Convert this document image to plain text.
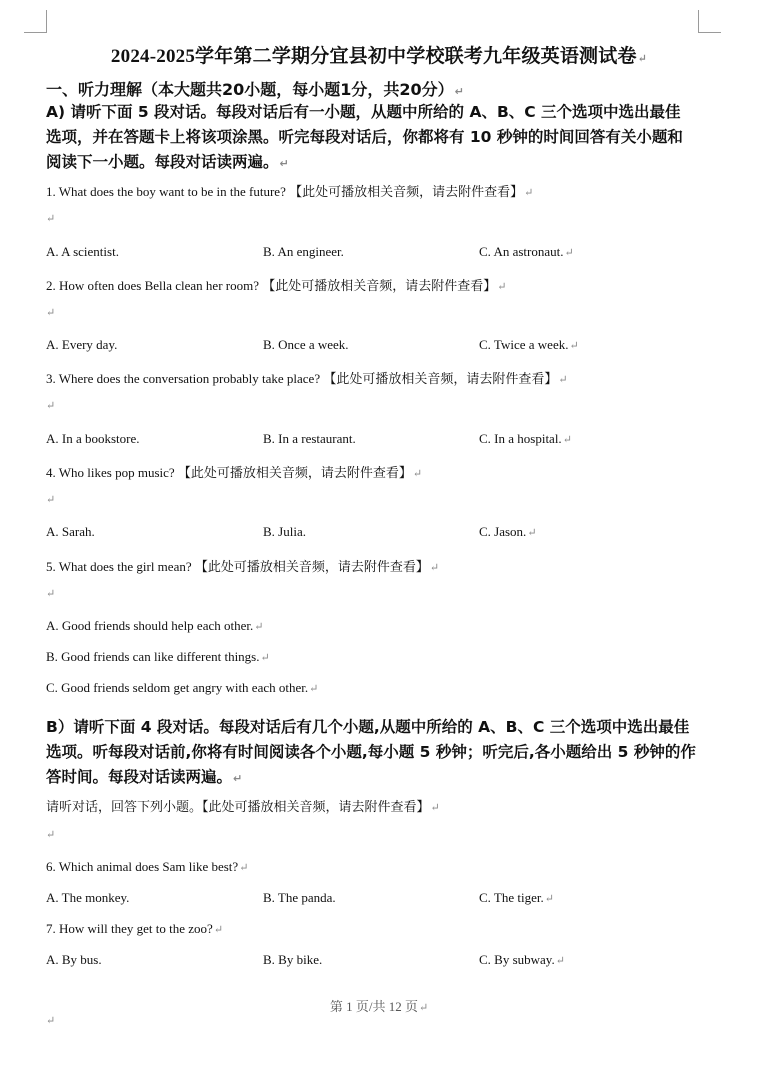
2024-2025学年第二学期分宜县初中学校联考九年级英语测试卷↵
一、听力理解（本大题共20小题，每小题1分，共20分）↵
A) 请听下面 5 段对话。每段对话后有一小题，从题中所给的 A、B、C 三个选项中选出最佳
选项，并在答题卡上将该项涂黑。听完每段对话后，你都将有 10 秒钟的时间回答有关小题和
阅读下一小题。每段对话读两遍。↵
1. What does the boy want to be in the future? 【此处可播放相关音频，请去附件查看】↵
↵
A. A scientist.	B. An engineer.	C. An astronaut.↵
2. How often does Bella clean her room? 【此处可播放相关音频，请去附件查看】↵
↵
A. Every day.	B. Once a week.	C. Twice a week.↵
3. Where does the conversation probably take place? 【此处可播放相关音频，请去附件查看】↵
↵
A. In a bookstore.	B. In a restaurant.	C. In a hospital.↵
4. Who likes pop music? 【此处可播放相关音频，请去附件查看】↵
↵
A. Sarah.	B. Julia.	C. Jason.↵
5. What does the girl mean? 【此处可播放相关音频，请去附件查看】↵
↵
A. Good friends should help each other.↵
B. Good friends can like different things.↵
C. Good friends seldom get angry with each other.↵
B）请听下面 4 段对话。每段对话后有几个小题,从题中所给的 A、B、C 三个选项中选出最佳
选项。听每段对话前,你将有时间阅读各个小题,每小题 5 秒钟；听完后,各小题给出 5 秒钟的作
答时间。每段对话读两遍。↵
请听对话，回答下列小题。【此处可播放相关音频，请去附件查看】↵
↵
6. Which animal does Sam like best?↵
A. The monkey.	B. The panda.	C. The tiger.↵
7. How will they get to the zoo?↵
A. By bus.	B. By bike.	C. By subway.↵
第 1 页/共 12 页↵
↵
